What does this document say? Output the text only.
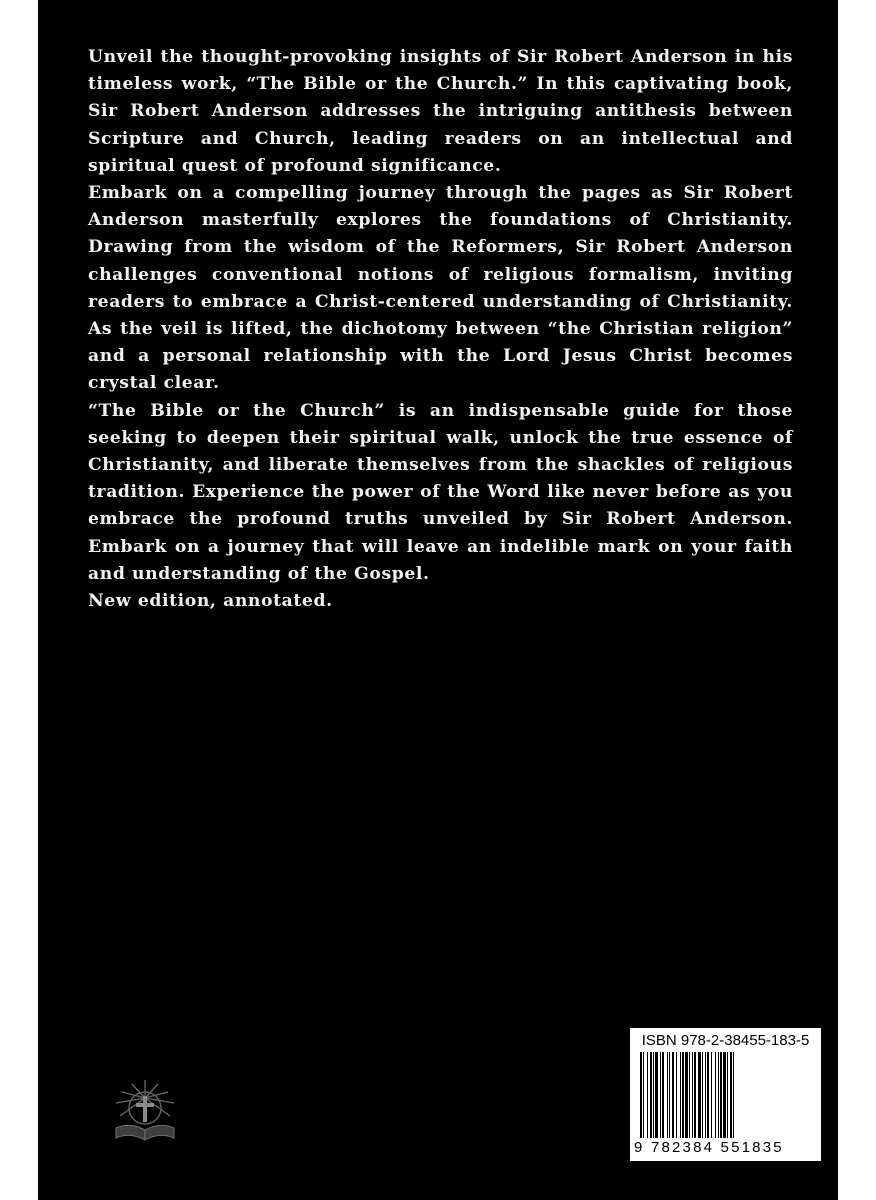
Unveil the thought-provoking insights of Sir Robert Anderson in his timeless work, “The Bible or the Church.” In this captivating book, Sir Robert Anderson addresses the intriguing antithesis between Scripture and Church, leading readers on an intellectual and spiritual quest of profound significance.

Embark on a compelling journey through the pages as Sir Robert Anderson masterfully explores the foundations of Christianity. Drawing from the wisdom of the Reformers, Sir Robert Anderson challenges conventional notions of religious formalism, inviting readers to embrace a Christ-centered understanding of Christianity. As the veil is lifted, the dichotomy between “the Christian religion” and a personal relationship with the Lord Jesus Christ becomes crystal clear.

“The Bible or the Church” is an indispensable guide for those seeking to deepen their spiritual walk, unlock the true essence of Christianity, and liberate themselves from the shackles of religious tradition. Experience the power of the Word like never before as you embrace the profound truths unveiled by Sir Robert Anderson. Embark on a journey that will leave an indelible mark on your faith and understanding of the Gospel.

New edition, annotated.

ISBN 978-2-38455-183-5
9 782384 551835
